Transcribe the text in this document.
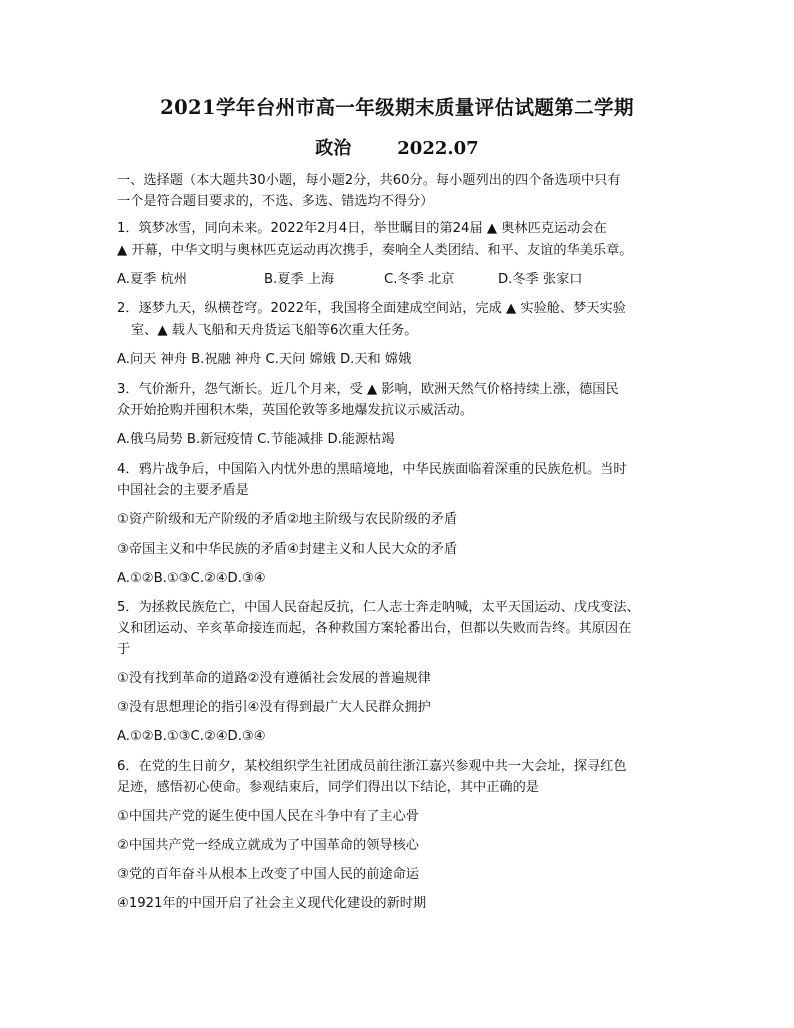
2021学年台州市高一年级期末质量评估试题第二学期
政治	2022.07
一、选择题（本大题共30小题，每小题2分，共60分。每小题列出的四个备选项中只有
一个是符合题目要求的，不选、多选、错选均不得分）
1．筑梦冰雪，同向未来。2022年2月4日，举世瞩目的第24届 ▲ 奥林匹克运动会在
▲ 开幕，中华文明与奥林匹克运动再次携手，奏响全人类团结、和平、友谊的华美乐章。
A.夏季 杭州	B.夏季 上海	C.冬季 北京	D.冬季 张家口
2．逐梦九天，纵横苍穹。2022年，我国将全面建成空间站，完成 ▲ 实验舱、梦天实验
室、▲ 载人飞船和天舟货运飞船等6次重大任务。
A.问天 神舟 B.祝融 神舟 C.天问 嫦娥 D.天和 嫦娥
3．气价渐升，怨气渐长。近几个月来，受 ▲ 影响，欧洲天然气价格持续上涨，德国民
众开始抢购并囤积木柴，英国伦敦等多地爆发抗议示威活动。
A.俄乌局势 B.新冠疫情 C.节能减排 D.能源枯竭
4．鸦片战争后，中国陷入内忧外患的黑暗境地，中华民族面临着深重的民族危机。当时
中国社会的主要矛盾是
①资产阶级和无产阶级的矛盾②地主阶级与农民阶级的矛盾
③帝国主义和中华民族的矛盾④封建主义和人民大众的矛盾
A.①②B.①③C.②④D.③④
5．为拯救民族危亡，中国人民奋起反抗，仁人志士奔走呐喊，太平天国运动、戊戌变法、
义和团运动、辛亥革命接连而起，各种救国方案轮番出台，但都以失败而告终。其原因在
于
①没有找到革命的道路②没有遵循社会发展的普遍规律
③没有思想理论的指引④没有得到最广大人民群众拥护
A.①②B.①③C.②④D.③④
6．在党的生日前夕，某校组织学生社团成员前往浙江嘉兴参观中共一大会址，探寻红色
足迹，感悟初心使命。参观结束后，同学们得出以下结论，其中正确的是
①中国共产党的诞生使中国人民在斗争中有了主心骨
②中国共产党一经成立就成为了中国革命的领导核心
③党的百年奋斗从根本上改变了中国人民的前途命运
④1921年的中国开启了社会主义现代化建设的新时期
